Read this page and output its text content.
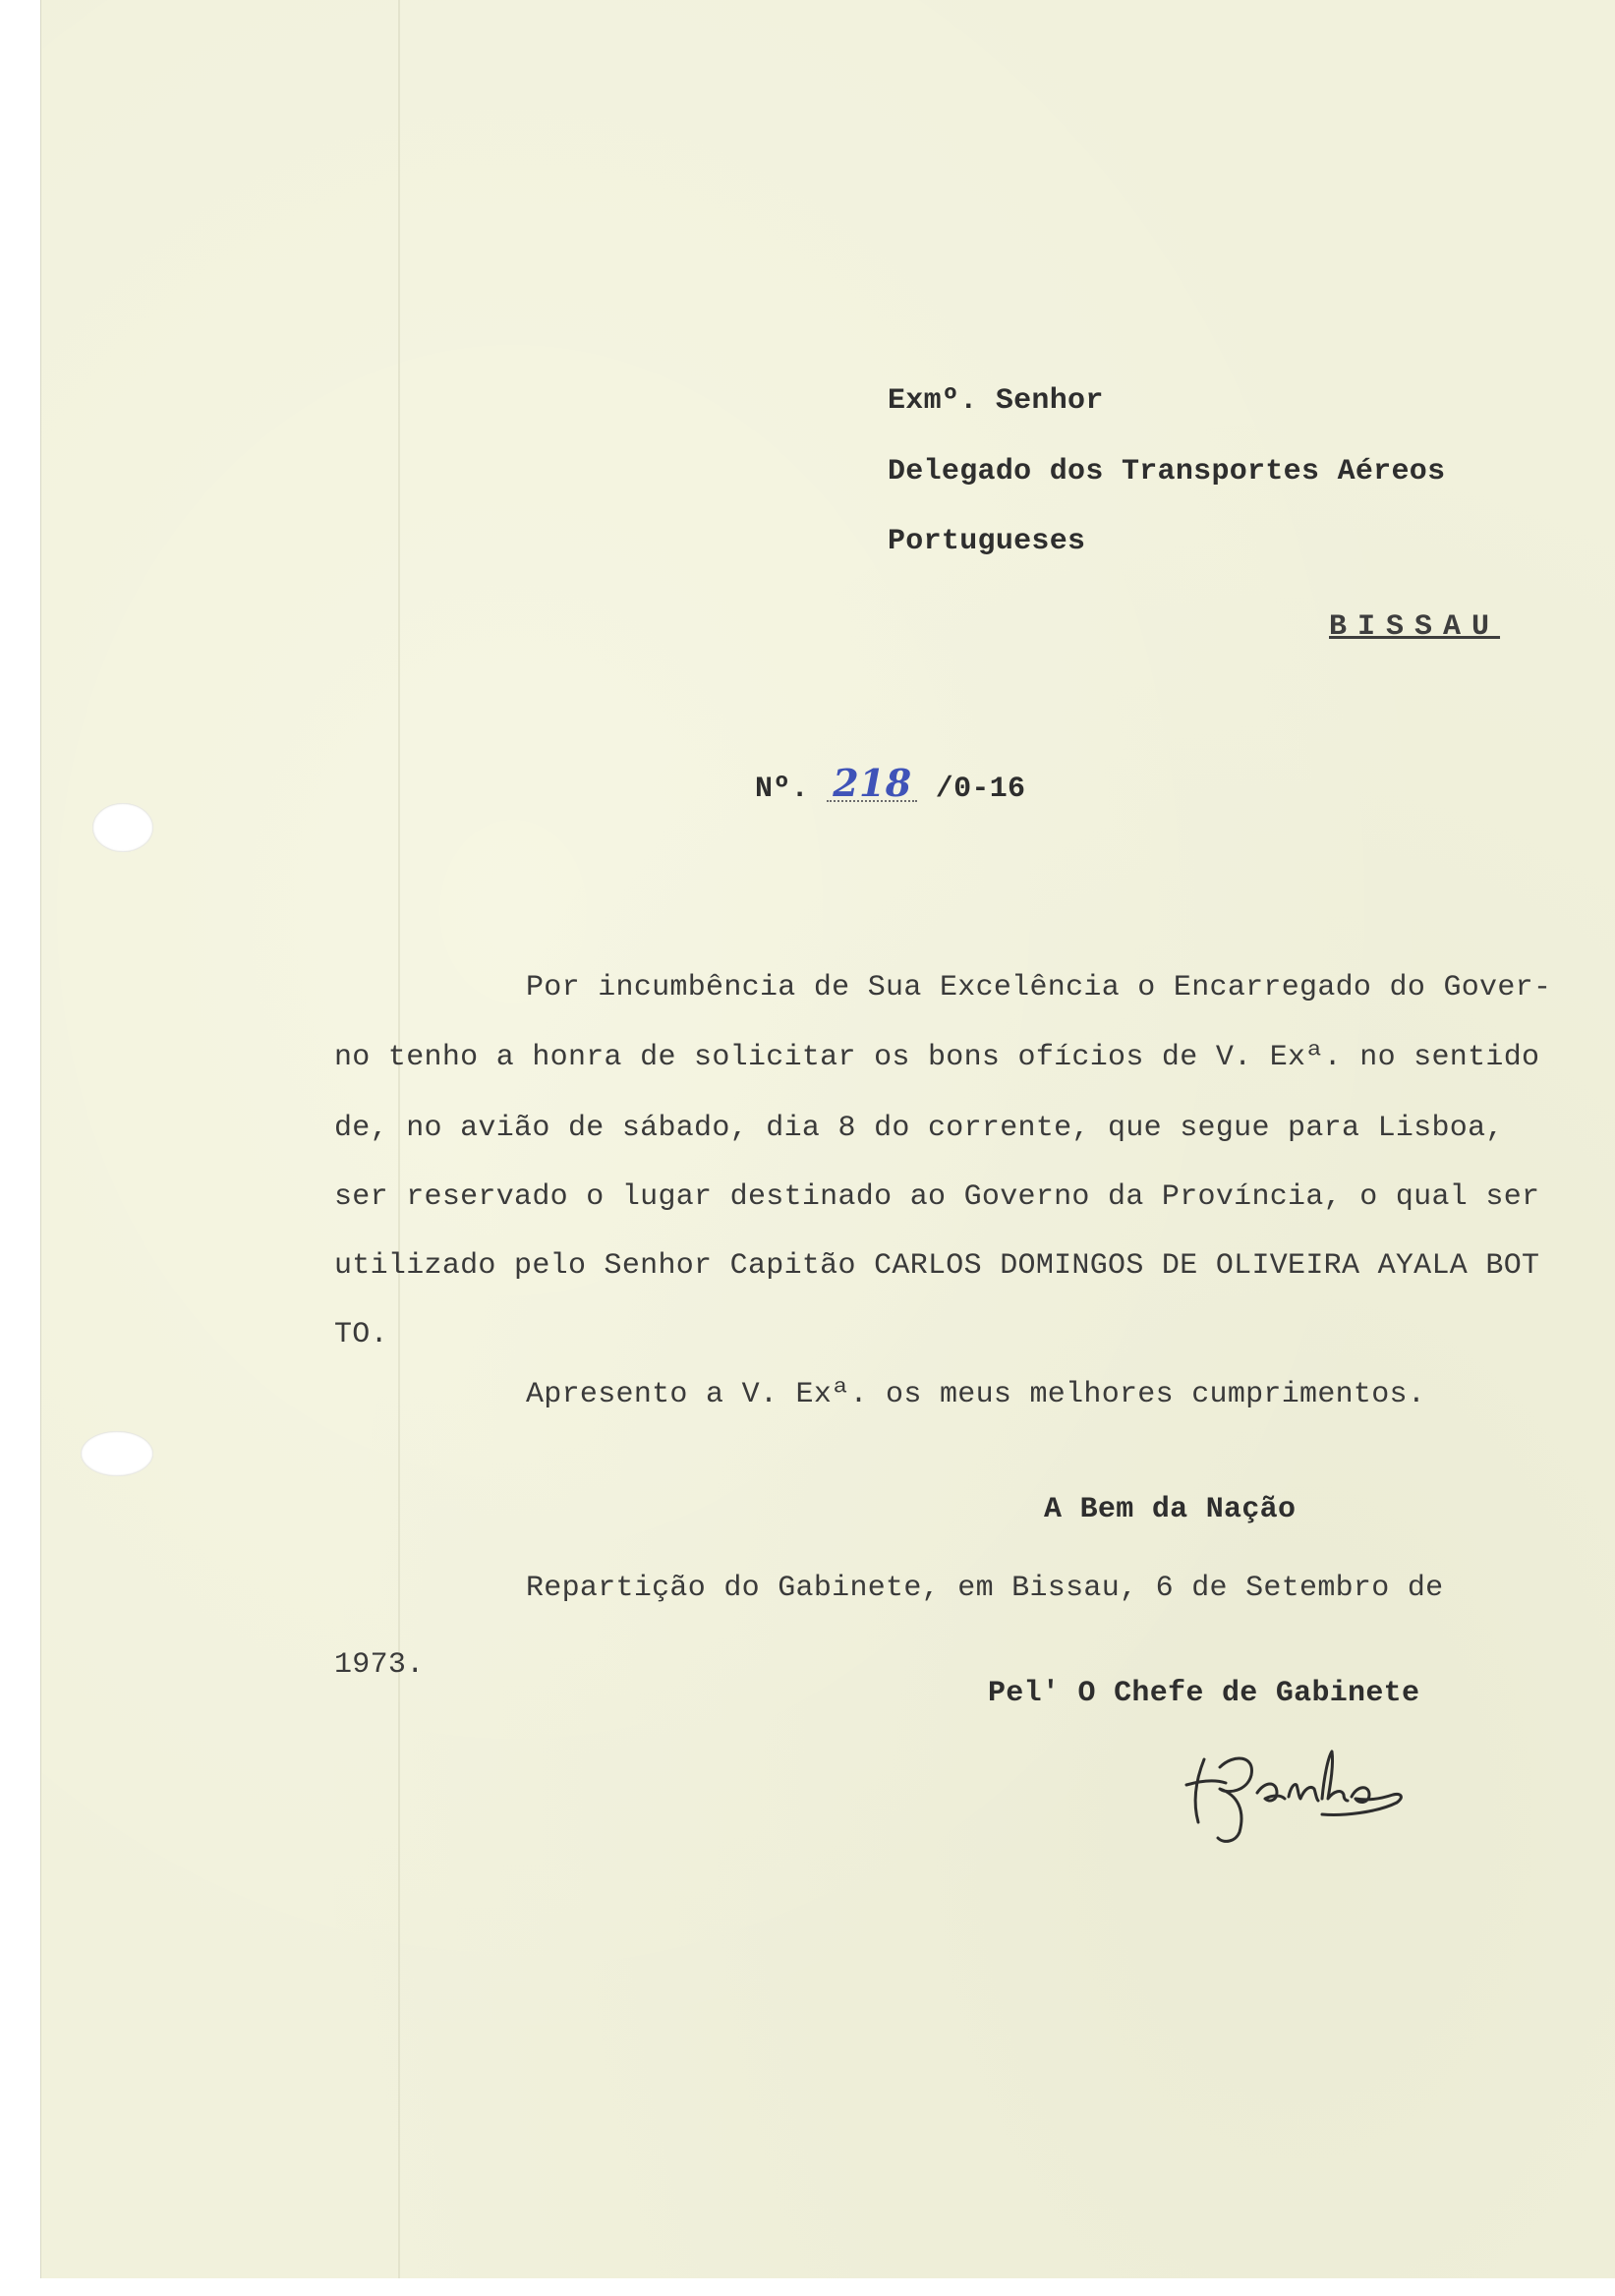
Exmº. Senhor
Delegado dos Transportes Aéreos
Portugueses
BISSAU
Nº. 218 /0-16
Por incumbência de Sua Excelência o Encarregado do Gover-
no tenho a honra de solicitar os bons ofícios de V. Exª. no sentido
de, no avião de sábado, dia 8 do corrente, que segue para Lisboa,
ser reservado o lugar destinado ao Governo da Província, o qual ser
utilizado pelo Senhor Capitão CARLOS DOMINGOS DE OLIVEIRA AYALA BOT
TO.
Apresento a V. Exª. os meus melhores cumprimentos.
A Bem da Nação
Repartição do Gabinete, em Bissau, 6 de Setembro de
1973.
Pel' O Chefe de Gabinete
